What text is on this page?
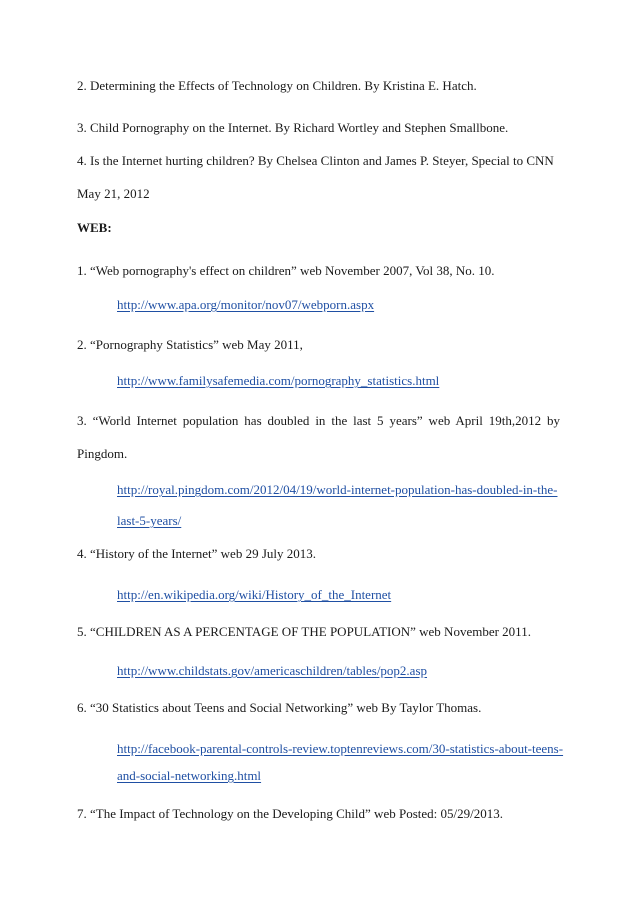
2. Determining the Effects of Technology on Children. By Kristina E. Hatch.
3. Child Pornography on the Internet. By Richard Wortley and Stephen Smallbone.
4. Is the Internet hurting children? By Chelsea Clinton and James P. Steyer, Special to CNN
May 21, 2012
WEB:
1. “Web pornography's effect on children” web November 2007, Vol 38, No. 10.
http://www.apa.org/monitor/nov07/webporn.aspx
2. “Pornography Statistics” web May 2011,
http://www.familysafemedia.com/pornography_statistics.html
3. “World Internet population has doubled in the last 5 years” web April 19th,2012 by
Pingdom.
http://royal.pingdom.com/2012/04/19/world-internet-population-has-doubled-in-the-
last-5-years/
4. “History of the Internet” web 29 July 2013.
http://en.wikipedia.org/wiki/History_of_the_Internet
5. “CHILDREN AS A PERCENTAGE OF THE POPULATION” web November 2011.
http://www.childstats.gov/americaschildren/tables/pop2.asp
6. “30 Statistics about Teens and Social Networking” web By Taylor Thomas.
http://facebook-parental-controls-review.toptenreviews.com/30-statistics-about-teens-
and-social-networking.html
7. “The Impact of Technology on the Developing Child” web Posted: 05/29/2013.
